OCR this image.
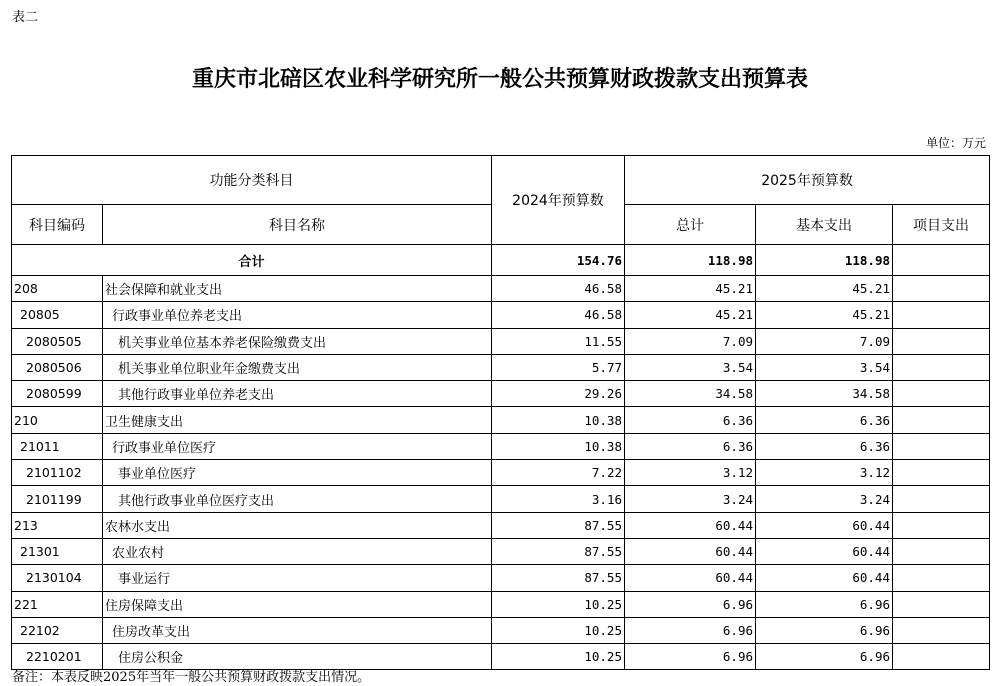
表二
重庆市北碚区农业科学研究所一般公共预算财政拨款支出预算表
单位：万元
功能分类科目		2024年预算数	2025年预算数		
科目编码	科目名称		总计	基本支出	项目支出
合计		154.76	118.98	118.98	
208	社会保障和就业支出	46.58	45.21	45.21	
20805	行政事业单位养老支出	46.58	45.21	45.21	
2080505	机关事业单位基本养老保险缴费支出	11.55	7.09	7.09	
2080506	机关事业单位职业年金缴费支出	5.77	3.54	3.54	
2080599	其他行政事业单位养老支出	29.26	34.58	34.58	
210	卫生健康支出	10.38	6.36	6.36	
21011	行政事业单位医疗	10.38	6.36	6.36	
2101102	事业单位医疗	7.22	3.12	3.12	
2101199	其他行政事业单位医疗支出	3.16	3.24	3.24	
213	农林水支出	87.55	60.44	60.44	
21301	农业农村	87.55	60.44	60.44	
2130104	事业运行	87.55	60.44	60.44	
221	住房保障支出	10.25	6.96	6.96	
22102	住房改革支出	10.25	6.96	6.96	
2210201	住房公积金	10.25	6.96	6.96	
备注：本表反映2025年当年一般公共预算财政拨款支出情况。
